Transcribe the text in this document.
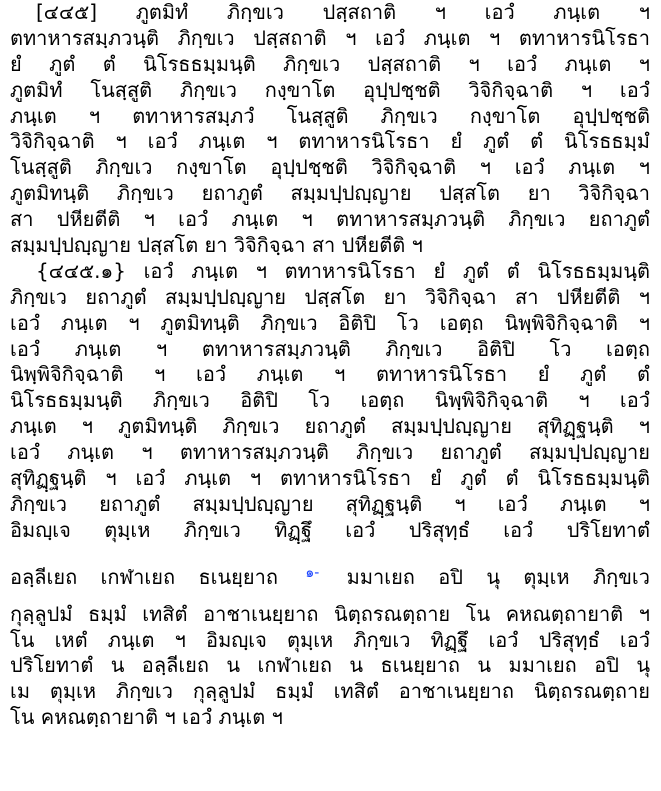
[๔๔๕] ภูตมิทํ ภิกฺขเว ปสฺสถาติ ฯ เอวํ ภนฺเต ฯ
ตทาหารสมฺภวนฺติ ภิกฺขเว ปสฺสถาติ ฯ เอวํ ภนฺเต ฯ ตทาหารนิโรธา
ยํ ภูตํ ตํ นิโรธธมฺมนฺติ ภิกฺขเว ปสฺสถาติ ฯ เอวํ ภนฺเต ฯ
ภูตมิทํ โนสฺสูติ ภิกฺขเว กงฺขาโต อุปฺปชฺชติ วิจิกิจฺฉาติ ฯ เอวํ
ภนฺเต ฯ ตทาหารสมฺภวํ โนสฺสูติ ภิกฺขเว กงฺขาโต อุปฺปชฺชติ
วิจิกิจฺฉาติ ฯ เอวํ ภนฺเต ฯ ตทาหารนิโรธา ยํ ภูตํ ตํ นิโรธธมฺมํ
โนสฺสูติ ภิกฺขเว กงฺขาโต อุปฺปชฺชติ วิจิกิจฺฉาติ ฯ เอวํ ภนฺเต ฯ
ภูตมิทนฺติ ภิกฺขเว ยถาภูตํ สมฺมปฺปญฺญาย ปสฺสโต ยา วิจิกิจฺฉา
สา ปหียตีติ ฯ เอวํ ภนฺเต ฯ ตทาหารสมฺภวนฺติ ภิกฺขเว ยถาภูตํ
สมฺมปฺปญฺญาย ปสฺสโต ยา วิจิกิจฺฉา สา ปหียตีติ ฯ
{๔๔๕.๑} เอวํ ภนฺเต ฯ ตทาหารนิโรธา ยํ ภูตํ ตํ นิโรธธมฺมนฺติ
ภิกฺขเว ยถาภูตํ สมฺมปฺปญฺญาย ปสฺสโต ยา วิจิกิจฺฉา สา ปหียตีติ ฯ
เอวํ ภนฺเต ฯ ภูตมิทนฺติ ภิกฺขเว อิติปิ โว เอตฺถ นิพฺพิจิกิจฺฉาติ ฯ
เอวํ ภนฺเต ฯ ตทาหารสมฺภวนฺติ ภิกฺขเว อิติปิ โว เอตฺถ
นิพฺพิจิกิจฺฉาติ ฯ เอวํ ภนฺเต ฯ ตทาหารนิโรธา ยํ ภูตํ ตํ
นิโรธธมฺมนฺติ ภิกฺขเว อิติปิ โว เอตฺถ นิพฺพิจิกิจฺฉาติ ฯ เอวํ
ภนฺเต ฯ ภูตมิทนฺติ ภิกฺขเว ยถาภูตํ สมฺมปฺปญฺญาย สุทิฏฺฐนฺติ ฯ
เอวํ ภนฺเต ฯ ตทาหารสมฺภวนฺติ ภิกฺขเว ยถาภูตํ สมฺมปฺปญฺญาย
สุทิฏฺฐนฺติ ฯ เอวํ ภนฺเต ฯ ตทาหารนิโรธา ยํ ภูตํ ตํ นิโรธธมฺมนฺติ
ภิกฺขเว ยถาภูตํ สมฺมปฺปญฺญาย สุทิฏฺฐนฺติ ฯ เอวํ ภนฺเต ฯ
อิมญฺเจ ตุมฺเห ภิกฺขเว ทิฏฺฐึ เอวํ ปริสุทฺธํ เอวํ ปริโยทาตํ
อลฺลีเยถ เกฬาเยถ ธเนยฺยาถ $^{๑-}$ มมาเยถ อปิ นุ ตุมฺเห ภิกฺขเว
กุลฺลูปมํ ธมฺมํ เทสิตํ อาชาเนยฺยาถ นิตฺถรณตฺถาย โน คหณตฺถายาติ ฯ
โน เหตํ ภนฺเต ฯ อิมญฺเจ ตุมฺเห ภิกฺขเว ทิฏฺฐึ เอวํ ปริสุทฺธํ เอวํ
ปริโยทาตํ น อลฺลีเยถ น เกฬาเยถ น ธเนยฺยาถ น มมาเยถ อปิ นุ
เม ตุมฺเห ภิกฺขเว กุลฺลูปมํ ธมฺมํ เทสิตํ อาชาเนยฺยาถ นิตฺถรณตฺถาย
โน คหณตฺถายาติ ฯ เอวํ ภนฺเต ฯ
